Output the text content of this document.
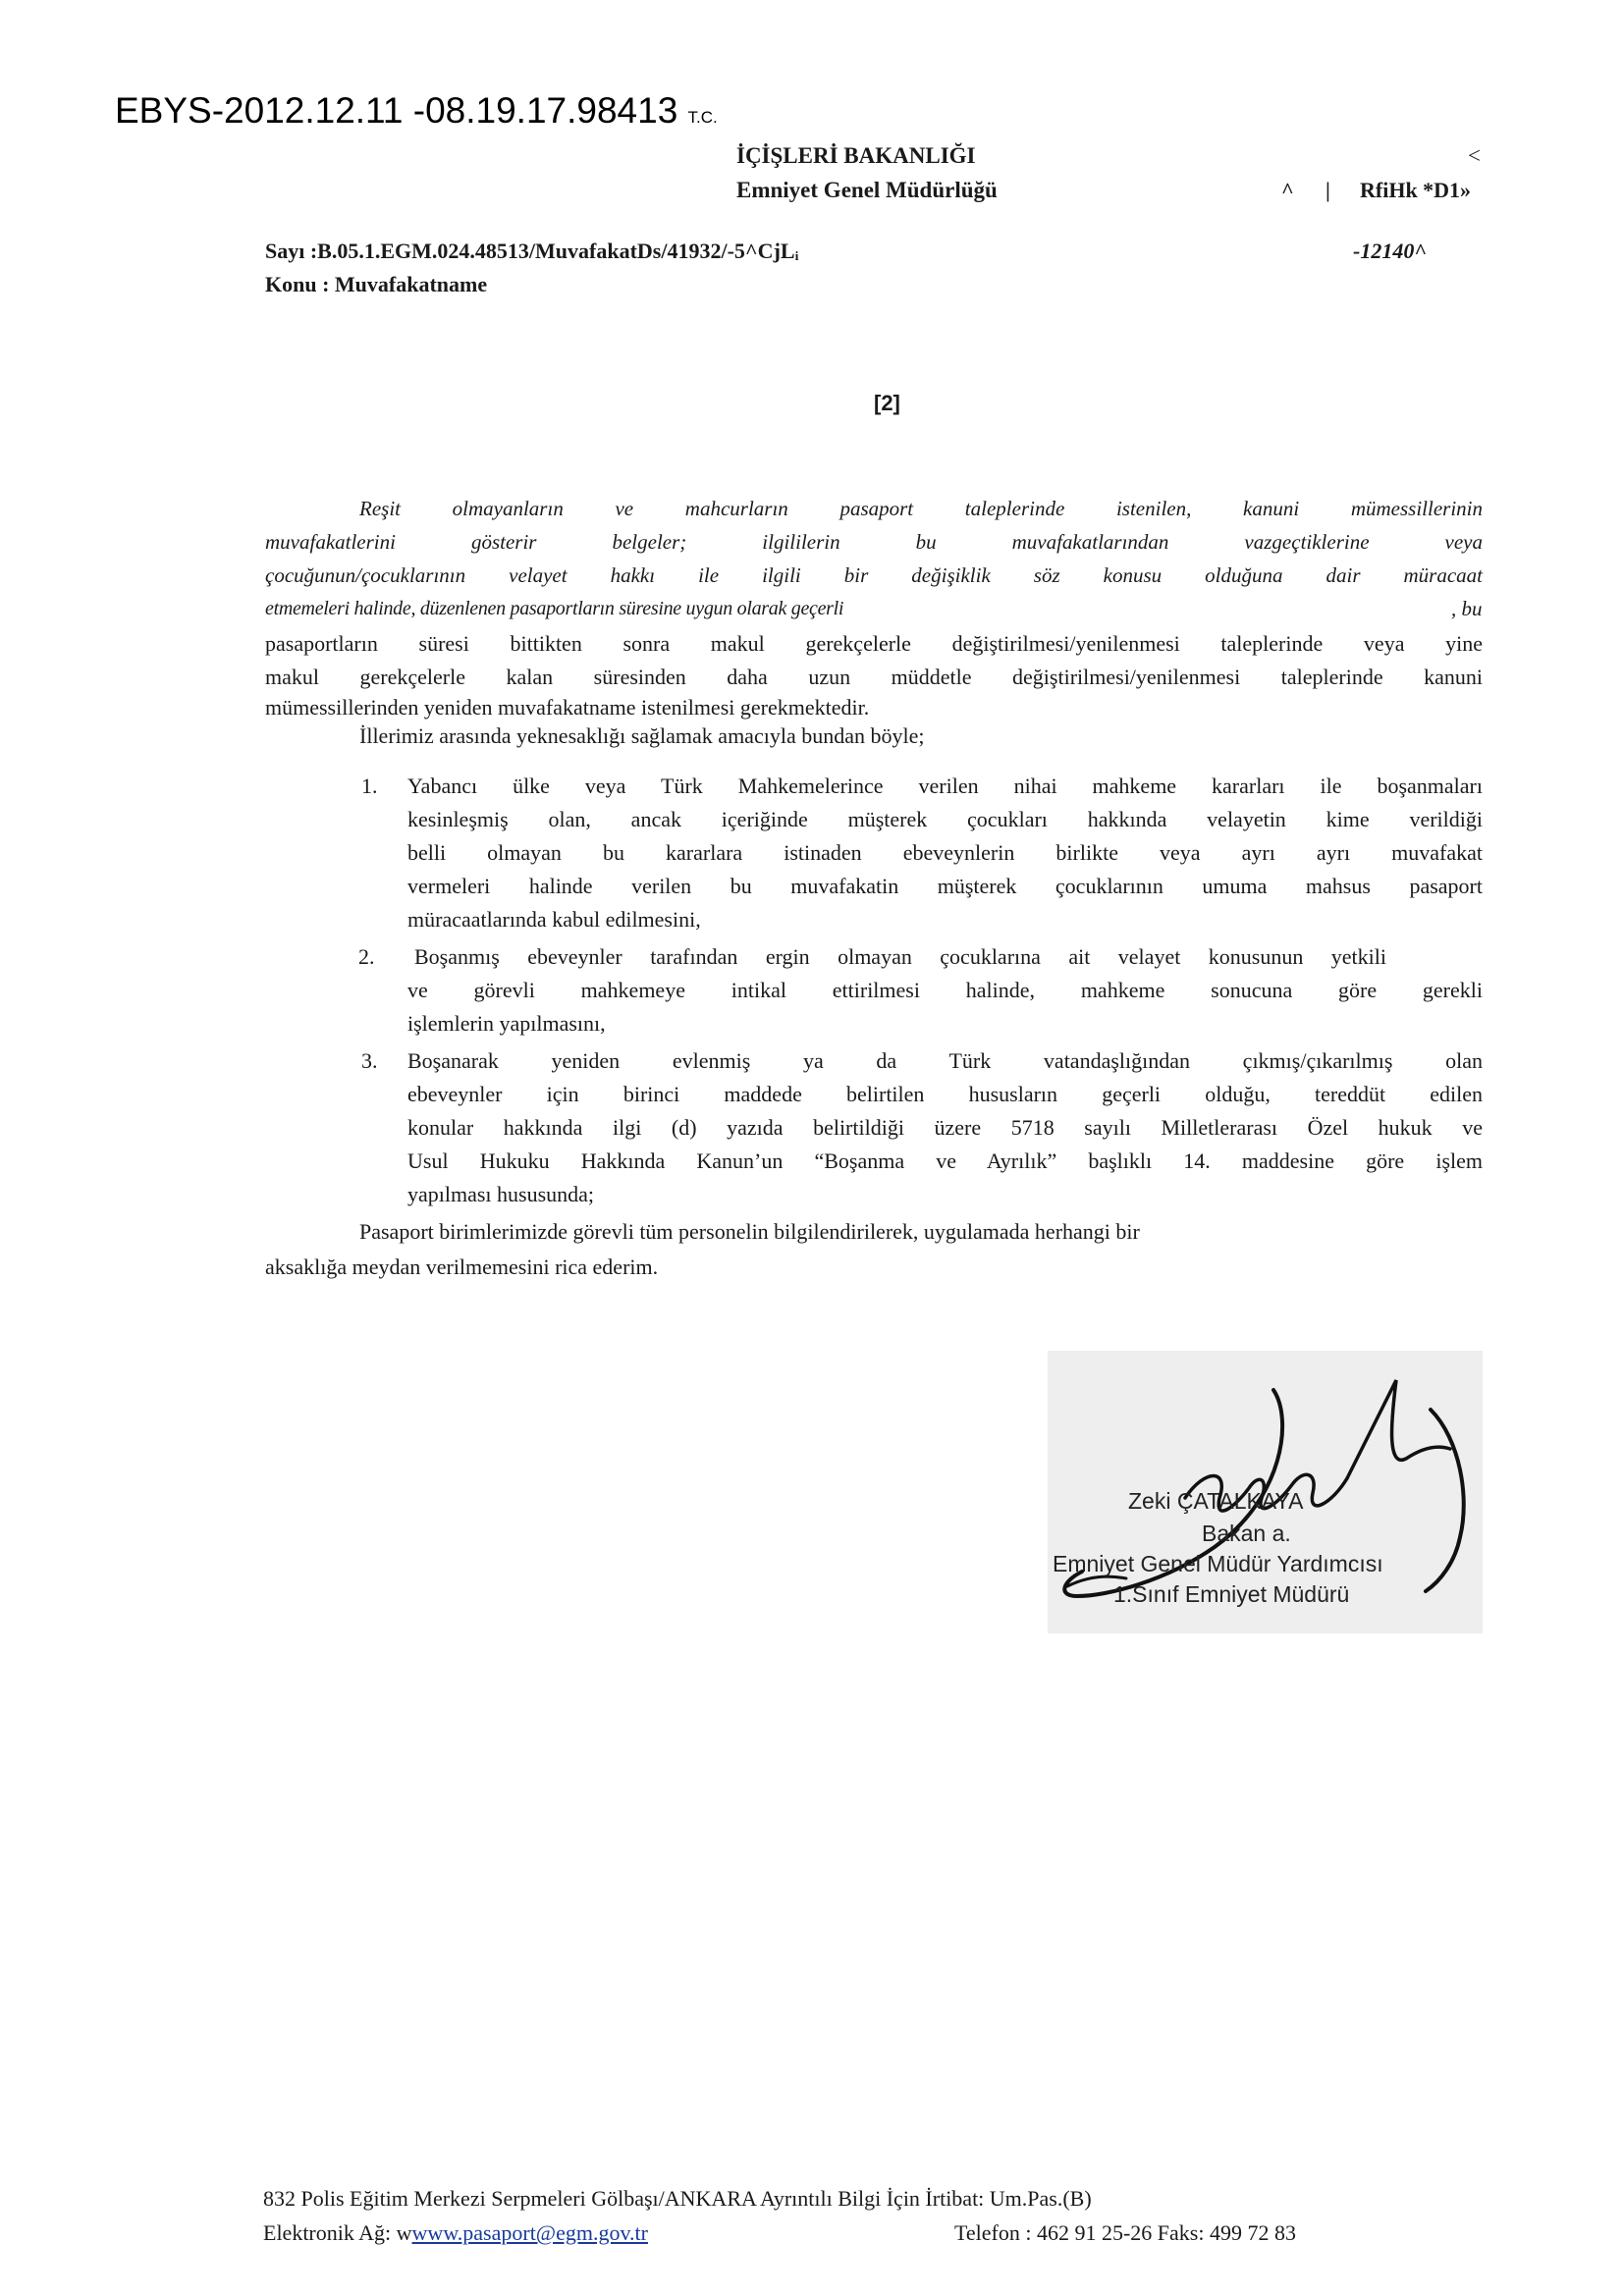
EBYS-2012.12.11 -08.19.17.98413 T.C.
İÇİŞLERİ BAKANLIĞI
Emniyet Genel Müdürlüğü
<
^ | RfiHk *D1»
Sayı :B.05.1.EGM.024.48513/MuvafakatDs/41932/-5^CjLᵢ	-12140^
Konu : Muvafakatname
[2]
Reşit olmayanların ve mahcurların pasaport taleplerinde istenilen, kanuni mümessillerinin
muvafakatlerini gösterir belgeler; ilgililerin bu muvafakatlarından vazgeçtiklerine veya
çocuğunun/çocuklarının velayet hakkı ile ilgili bir değişiklik söz konusu olduğuna dair müracaat
etmemeleri halinde, düzenlenen pasaportların süresine uygun olarak geçerli	, bu
pasaportların süresi bittikten sonra makul gerekçelerle değiştirilmesi/yenilenmesi taleplerinde veya yine
makul gerekçelerle kalan süresinden daha uzun müddetle değiştirilmesi/yenilenmesi taleplerinde kanuni
mümessillerinden yeniden muvafakatname istenilmesi gerekmektedir.
İllerimiz arasında yeknesaklığı sağlamak amacıyla bundan böyle;
1. Yabancı ülke veya Türk Mahkemelerince verilen nihai mahkeme kararları ile boşanmaları
kesinleşmiş olan, ancak içeriğinde müşterek çocukları hakkında velayetin kime verildiği
belli olmayan bu kararlara istinaden ebeveynlerin birlikte veya ayrı ayrı muvafakat
vermeleri halinde verilen bu muvafakatin müşterek çocuklarının umuma mahsus pasaport
müracaatlarında kabul edilmesini,
2. Boşanmış ebeveynler tarafından ergin olmayan çocuklarına ait velayet konusunun yetkili
ve görevli mahkemeye intikal ettirilmesi halinde, mahkeme sonucuna göre gerekli
işlemlerin yapılmasını,
3. Boşanarak yeniden evlenmiş ya da Türk vatandaşlığından çıkmış/çıkarılmış olan
ebeveynler için birinci maddede belirtilen hususların geçerli olduğu, tereddüt edilen
konular hakkında ilgi (d) yazıda belirtildiği üzere 5718 sayılı Milletlerarası Özel hukuk ve
Usul Hukuku Hakkında Kanun’un “Boşanma ve Ayrılık” başlıklı 14. maddesine göre işlem
yapılması hususunda;
Pasaport birimlerimizde görevli tüm personelin bilgilendirilerek, uygulamada herhangi bir
aksaklığa meydan verilmemesini rica ederim.
Zeki ÇATALKAYA
Bakan a.
Emniyet Genel Müdür Yardımcısı
1.Sınıf Emniyet Müdürü
832 Polis Eğitim Merkezi Serpmeleri Gölbaşı/ANKARA Ayrıntılı Bilgi İçin İrtibat: Um.Pas.(B)
Elektronik Ağ: wwww.pasaport@egm.gov.tr	Telefon : 462 91 25-26 Faks: 499 72 83
